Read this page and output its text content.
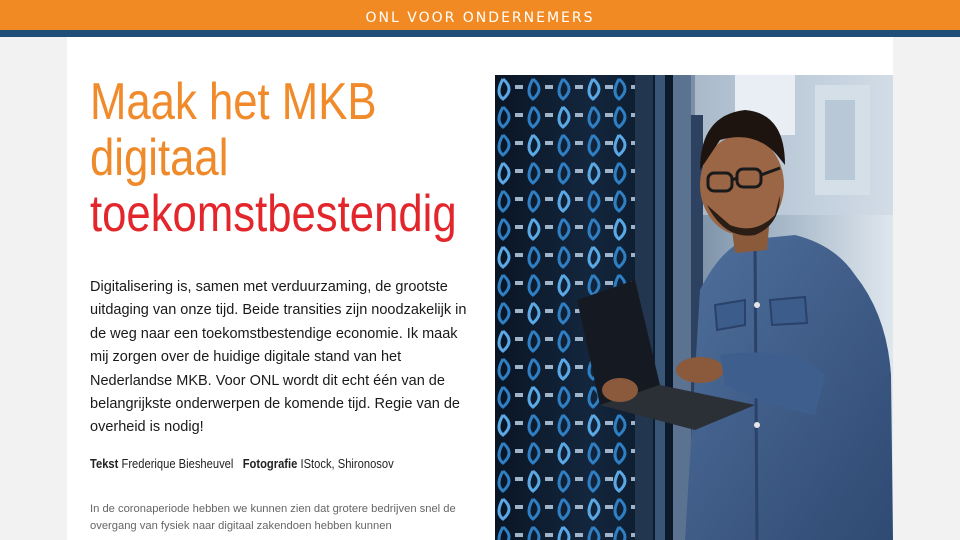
ONL VOOR ONDERNEMERS
Maak het MKB
digitaal
toekomstbestendig

Digitalisering is, samen met verduurzaming, de grootste uitdaging van onze tijd. Beide transities zijn noodzakelijk in de weg naar een toekomstbestendige economie. Ik maak mij zorgen over de huidige digitale stand van het Nederlandse MKB. Voor ONL wordt dit echt één van de belangrijkste onderwerpen de komende tijd. Regie van de overheid is nodig!

Tekst Frederique Biesheuvel Fotografie IStock, Shironosov

In de coronaperiode hebben we kunnen zien dat grotere bedrijven snel de overgang van fysiek naar digitaal zakendoen hebben kunnen
